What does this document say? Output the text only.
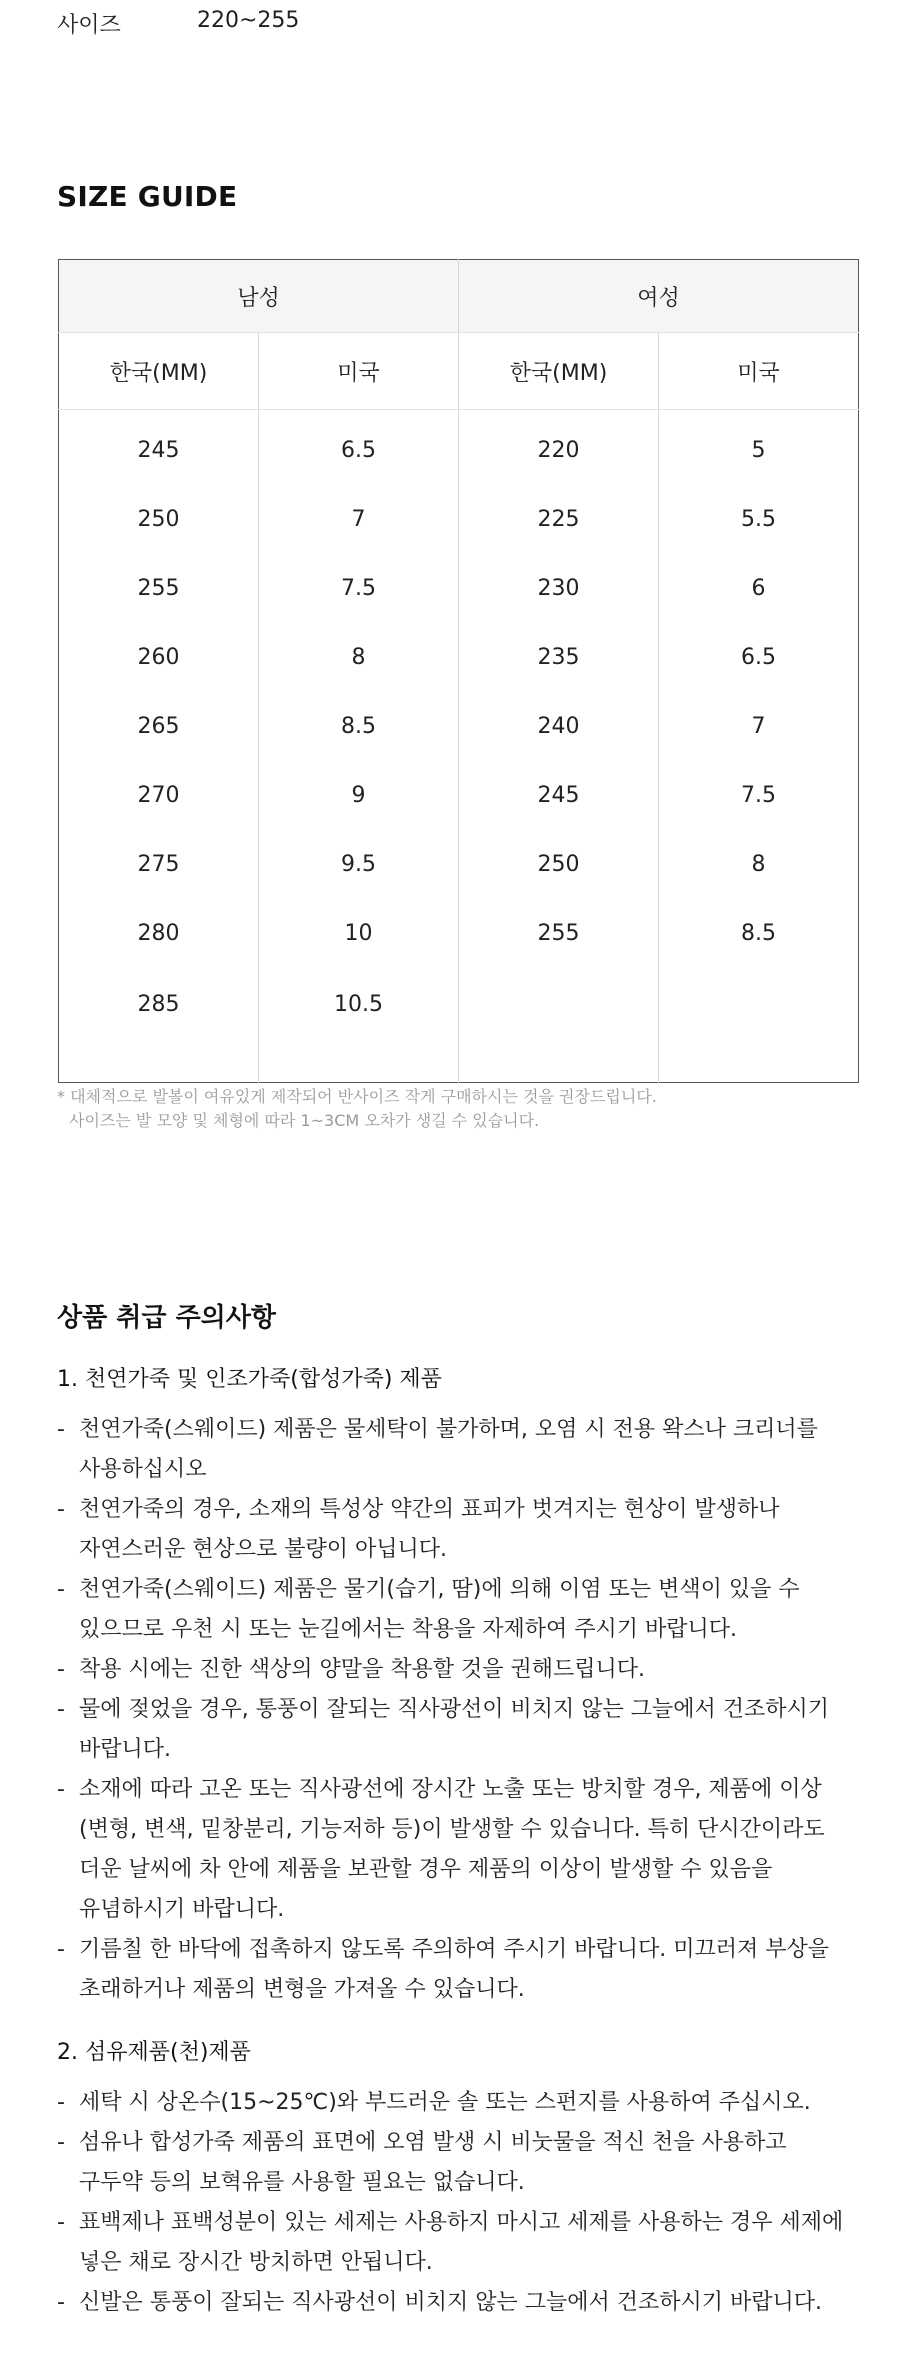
사이즈	220~255
SIZE GUIDE
남성		여성	
한국(MM)	미국	한국(MM)	미국
245	6.5	220	5
250	7	225	5.5
255	7.5	230	6
260	8	235	6.5
265	8.5	240	7
270	9	245	7.5
275	9.5	250	8
280	10	255	8.5
285	10.5		
* 대체적으로 발볼이 여유있게 제작되어 반사이즈 작게 구매하시는 것을 권장드립니다.
사이즈는 발 모양 및 체형에 따라 1~3CM 오차가 생길 수 있습니다.
상품 취급 주의사항
1. 천연가죽 및 인조가죽(합성가죽) 제품
- 천연가죽(스웨이드) 제품은 물세탁이 불가하며, 오염 시 전용 왁스나 크리너를
사용하십시오
- 천연가죽의 경우, 소재의 특성상 약간의 표피가 벗겨지는 현상이 발생하나
자연스러운 현상으로 불량이 아닙니다.
- 천연가죽(스웨이드) 제품은 물기(습기, 땀)에 의해 이염 또는 변색이 있을 수
있으므로 우천 시 또는 눈길에서는 착용을 자제하여 주시기 바랍니다.
- 착용 시에는 진한 색상의 양말을 착용할 것을 권해드립니다.
- 물에 젖었을 경우, 통풍이 잘되는 직사광선이 비치지 않는 그늘에서 건조하시기
바랍니다.
- 소재에 따라 고온 또는 직사광선에 장시간 노출 또는 방치할 경우, 제품에 이상
(변형, 변색, 밑창분리, 기능저하 등)이 발생할 수 있습니다. 특히 단시간이라도
더운 날씨에 차 안에 제품을 보관할 경우 제품의 이상이 발생할 수 있음을
유념하시기 바랍니다.
- 기름칠 한 바닥에 접촉하지 않도록 주의하여 주시기 바랍니다. 미끄러져 부상을
초래하거나 제품의 변형을 가져올 수 있습니다.
2. 섬유제품(천)제품
- 세탁 시 상온수(15~25℃)와 부드러운 솔 또는 스펀지를 사용하여 주십시오.
- 섬유나 합성가죽 제품의 표면에 오염 발생 시 비눗물을 적신 천을 사용하고
구두약 등의 보혁유를 사용할 필요는 없습니다.
- 표백제나 표백성분이 있는 세제는 사용하지 마시고 세제를 사용하는 경우 세제에
넣은 채로 장시간 방치하면 안됩니다.
- 신발은 통풍이 잘되는 직사광선이 비치지 않는 그늘에서 건조하시기 바랍니다.
